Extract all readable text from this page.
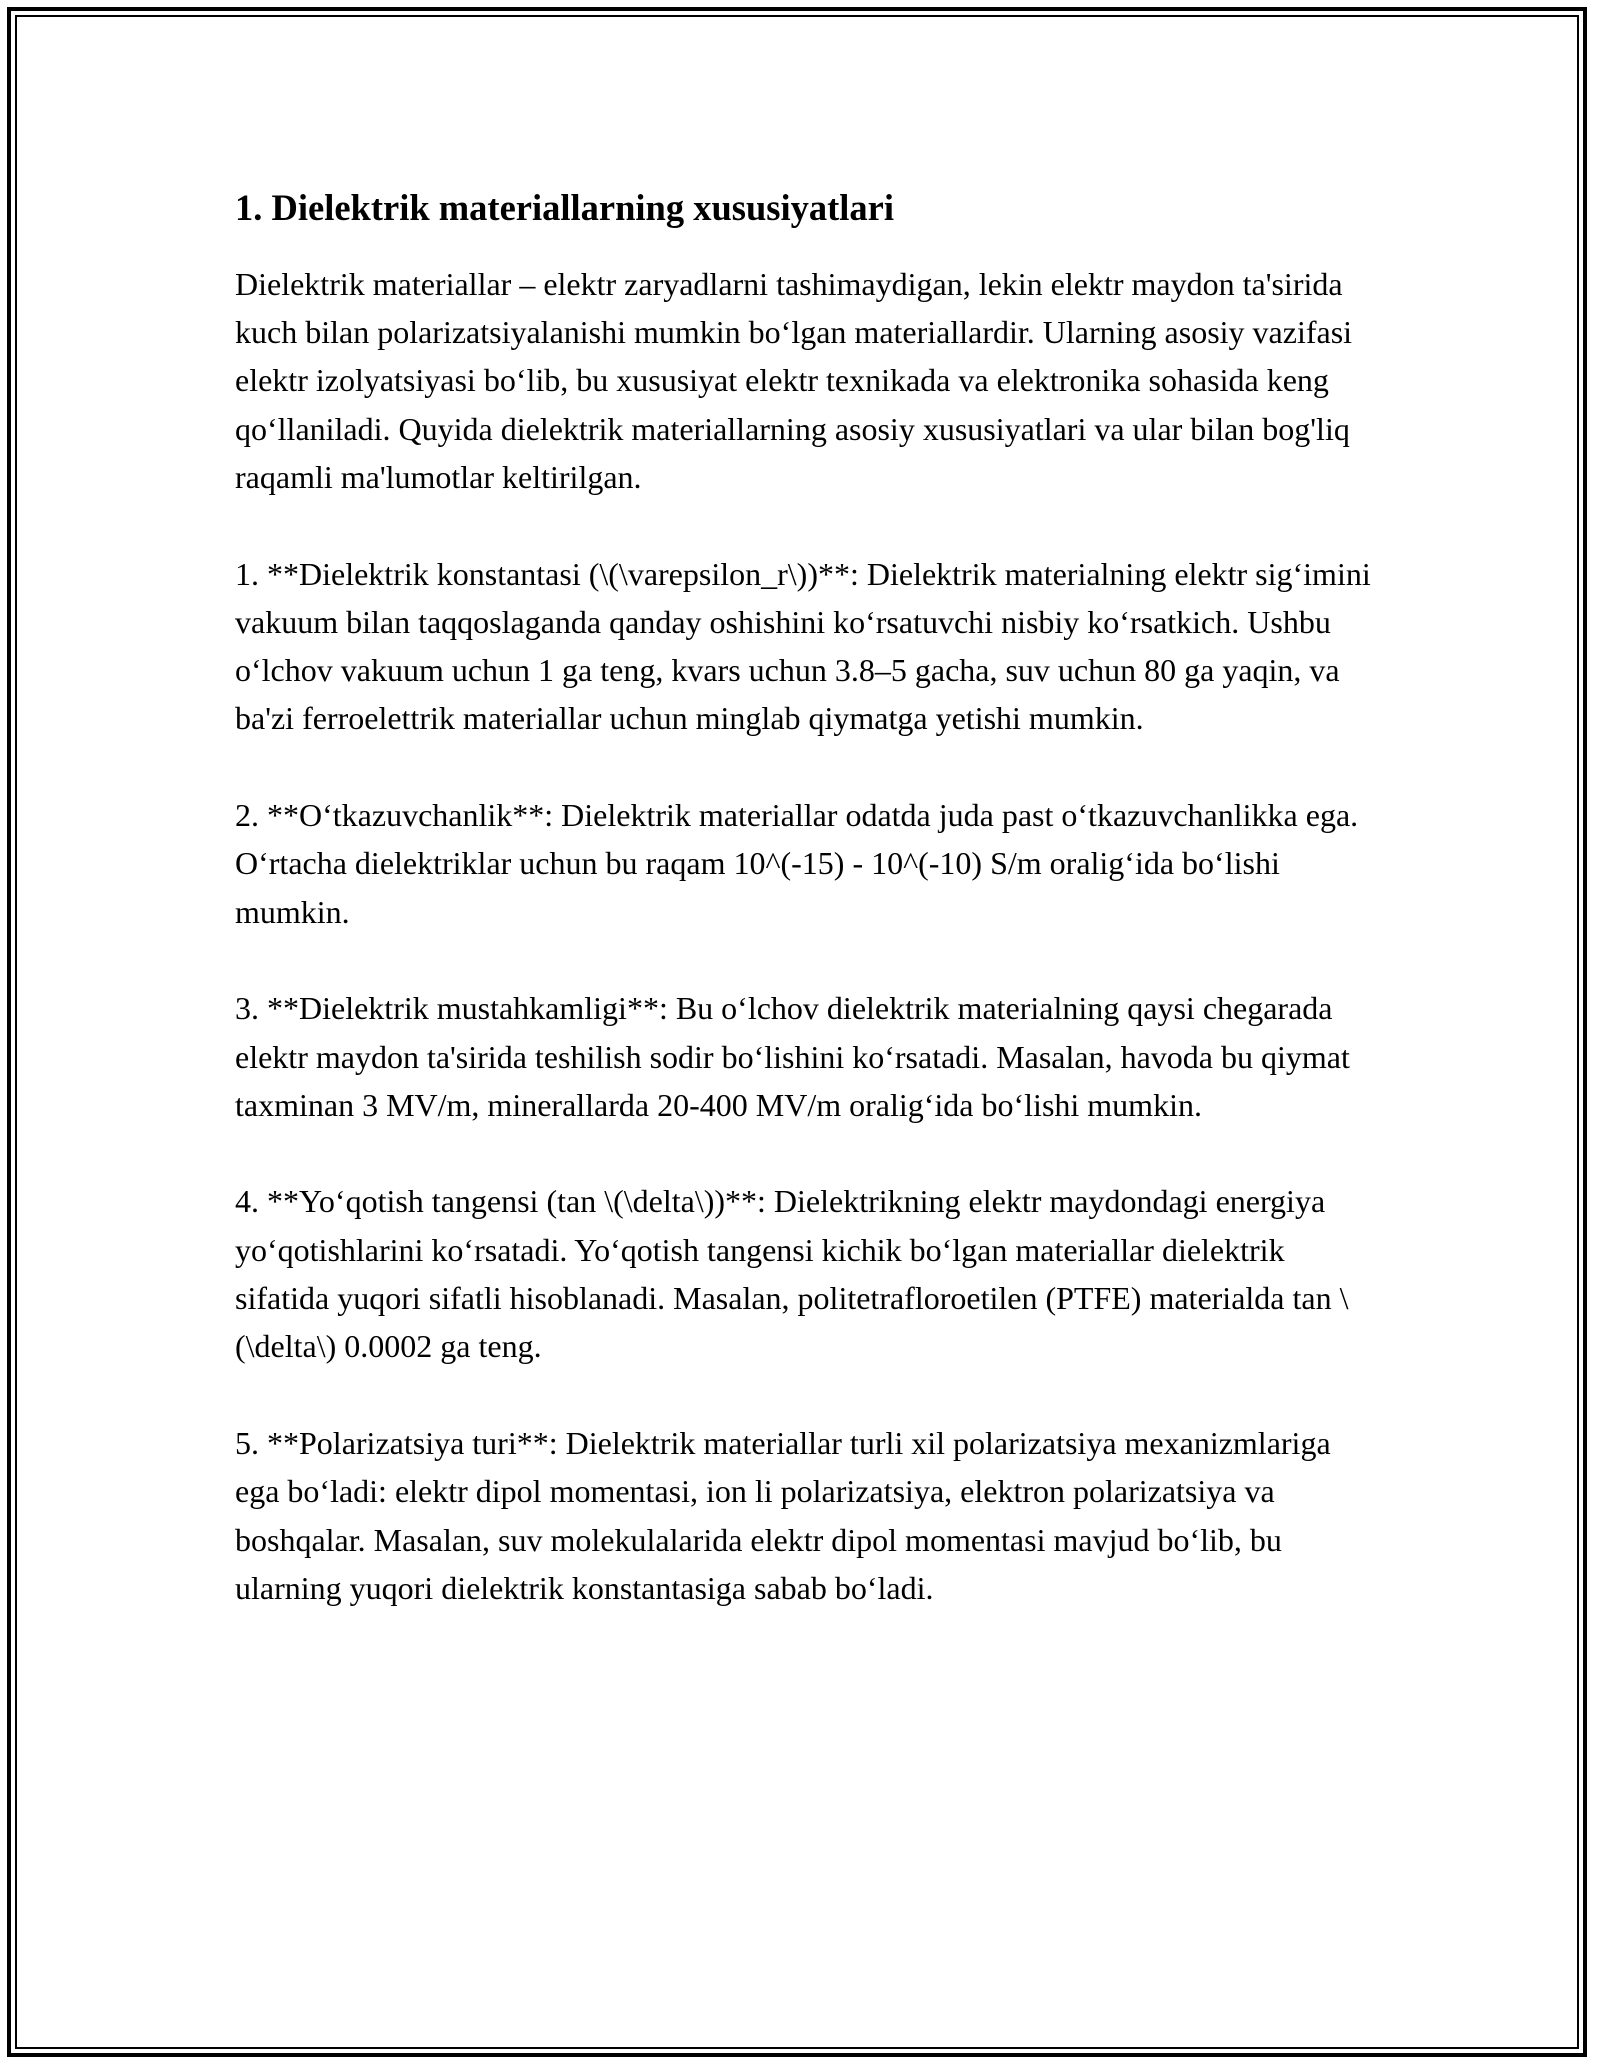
1. Dielektrik materiallarning xususiyatlari

Dielektrik materiallar – elektr zaryadlarni tashimaydigan, lekin elektr maydon ta'sirida kuch bilan polarizatsiyalanishi mumkin boʻlgan materiallardir. Ularning asosiy vazifasi elektr izolyatsiyasi boʻlib, bu xususiyat elektr texnikada va elektronika sohasida keng qoʻllaniladi. Quyida dielektrik materiallarning asosiy xususiyatlari va ular bilan bog'liq raqamli ma'lumotlar keltirilgan.

1. **Dielektrik konstantasi (\(\varepsilon_r\))**: Dielektrik materialning elektr sigʻimini vakuum bilan taqqoslaganda qanday oshishini koʻrsatuvchi nisbiy koʻrsatkich. Ushbu oʻlchov vakuum uchun 1 ga teng, kvars uchun 3.8–5 gacha, suv uchun 80 ga yaqin, va ba'zi ferroelettrik materiallar uchun minglab qiymatga yetishi mumkin.

2. **Oʻtkazuvchanlik**: Dielektrik materiallar odatda juda past oʻtkazuvchanlikka ega. Oʻrtacha dielektriklar uchun bu raqam 10^(-15) - 10^(-10) S/m oraligʻida boʻlishi mumkin.

3. **Dielektrik mustahkamligi**: Bu oʻlchov dielektrik materialning qaysi chegarada elektr maydon ta'sirida teshilish sodir boʻlishini koʻrsatadi. Masalan, havoda bu qiymat taxminan 3 MV/m, minerallarda 20-400 MV/m oraligʻida boʻlishi mumkin.

4. **Yoʻqotish tangensi (tan \(\delta\))**: Dielektrikning elektr maydondagi energiya yoʻqotishlarini koʻrsatadi. Yoʻqotish tangensi kichik boʻlgan materiallar dielektrik sifatida yuqori sifatli hisoblanadi. Masalan, politetrafloroetilen (PTFE) materialda tan \(\delta\) 0.0002 ga teng.

5. **Polarizatsiya turi**: Dielektrik materiallar turli xil polarizatsiya mexanizmlariga ega boʻladi: elektr dipol momentasi, ion li polarizatsiya, elektron polarizatsiya va boshqalar. Masalan, suv molekulalarida elektr dipol momentasi mavjud boʻlib, bu ularning yuqori dielektrik konstantasiga sabab boʻladi.
